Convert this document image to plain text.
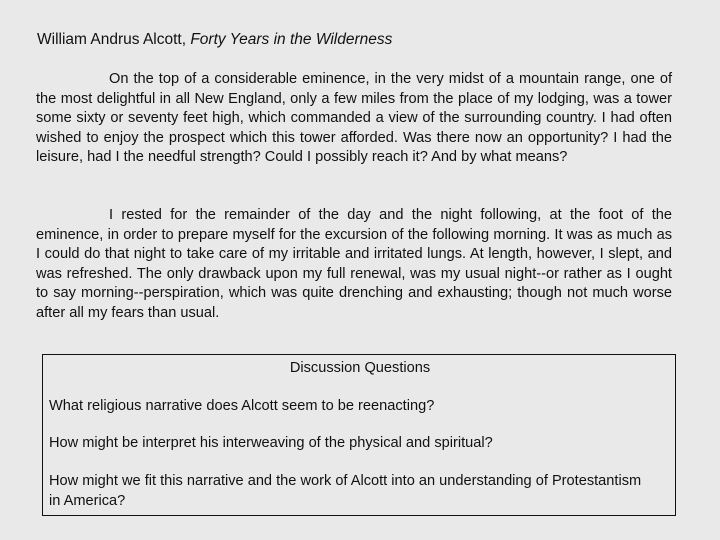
William Andrus Alcott, Forty Years in the Wilderness

On the top of a considerable eminence, in the very midst of a mountain range, one of the most delightful in all New England, only a few miles from the place of my lodging, was a tower some sixty or seventy feet high, which commanded a view of the surrounding country. I had often wished to enjoy the prospect which this tower afforded. Was there now an opportunity? I had the leisure, had I the needful strength? Could I possibly reach it? And by what means?

I rested for the remainder of the day and the night following, at the foot of the eminence, in order to prepare myself for the excursion of the following morning. It was as much as I could do that night to take care of my irritable and irritated lungs. At length, however, I slept, and was refreshed. The only drawback upon my full renewal, was my usual night--or rather as I ought to say morning--perspiration, which was quite drenching and exhausting; though not much worse after all my fears than usual.

Discussion Questions
What religious narrative does Alcott seem to be reenacting?
How might be interpret his interweaving of the physical and spiritual?
How might we fit this narrative and the work of Alcott into an understanding of Protestantism in America?
